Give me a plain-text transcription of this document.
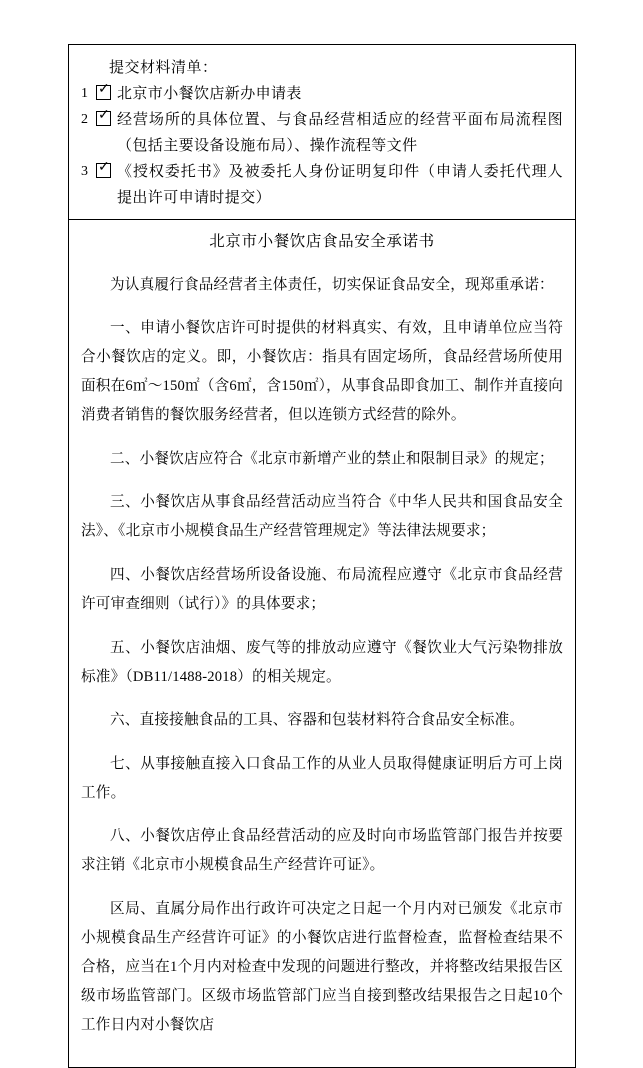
提交材料清单：
1 ✓	北京市小餐饮店新办申请表
2 ✓	经营场所的具体位置、与食品经营相适应的经营平面布局流程图（包括主要设备设施布局）、操作流程等文件
3 ✓	《授权委托书》及被委托人身份证明复印件（申请人委托代理人提出许可申请时提交）
北京市小餐饮店食品安全承诺书

为认真履行食品经营者主体责任，切实保证食品安全，现郑重承诺：

一、申请小餐饮店许可时提供的材料真实、有效，且申请单位应当符合小餐饮店的定义。即，小餐饮店：指具有固定场所，食品经营场所使用面积在6㎡～150㎡（含6㎡，含150㎡），从事食品即食加工、制作并直接向消费者销售的餐饮服务经营者，但以连锁方式经营的除外。

二、小餐饮店应符合《北京市新增产业的禁止和限制目录》的规定；

三、小餐饮店从事食品经营活动应当符合《中华人民共和国食品安全法》、《北京市小规模食品生产经营管理规定》等法律法规要求；

四、小餐饮店经营场所设备设施、布局流程应遵守《北京市食品经营许可审查细则（试行）》的具体要求；

五、小餐饮店油烟、废气等的排放动应遵守《餐饮业大气污染物排放标准》（DB11/1488-2018）的相关规定。

六、直接接触食品的工具、容器和包装材料符合食品安全标准。

七、从事接触直接入口食品工作的从业人员取得健康证明后方可上岗工作。

八、小餐饮店停止食品经营活动的应及时向市场监管部门报告并按要求注销《北京市小规模食品生产经营许可证》。

区局、直属分局作出行政许可决定之日起一个月内对已颁发《北京市小规模食品生产经营许可证》的小餐饮店进行监督检查，监督检查结果不合格，应当在1个月内对检查中发现的问题进行整改，并将整改结果报告区级市场监管部门。区级市场监管部门应当自接到整改结果报告之日起10个工作日内对小餐饮店
